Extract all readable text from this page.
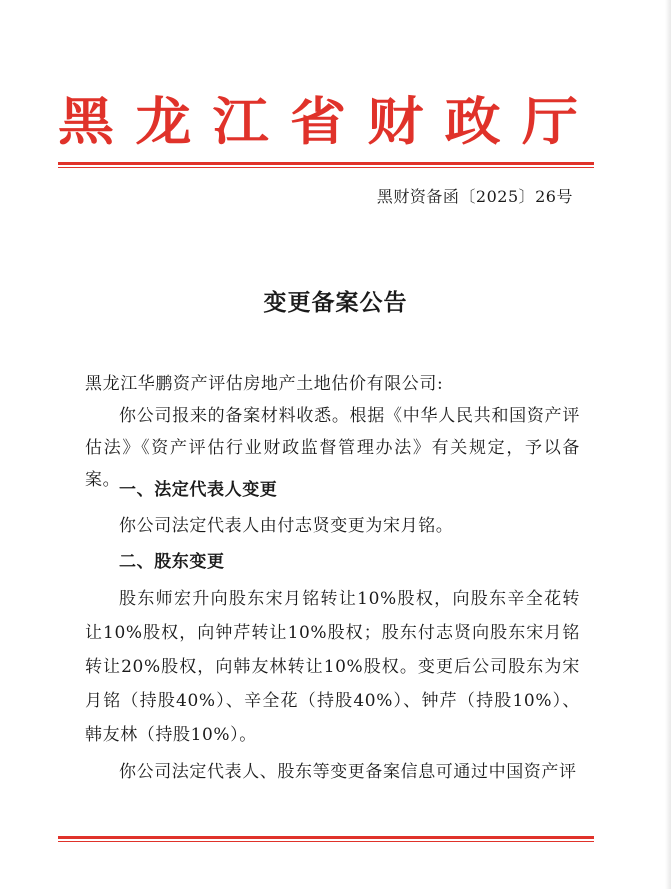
黑 龙 江 省 财 政 厅
黑财资备函〔2025〕26号
变更备案公告
黑龙江华鹏资产评估房地产土地估价有限公司:
你公司报来的备案材料收悉。根据《中华人民共和国资产评估法》《资产评估行业财政监督管理办法》有关规定，予以备案。
一、法定代表人变更
你公司法定代表人由付志贤变更为宋月铭。
二、股东变更
股东师宏升向股东宋月铭转让10%股权，向股东辛全花转让10%股权，向钟芹转让10%股权；股东付志贤向股东宋月铭转让20%股权，向韩友林转让10%股权。变更后公司股东为宋月铭（持股40%）、辛全花（持股40%）、钟芹（持股10%）、韩友林（持股10%）。
你公司法定代表人、股东等变更备案信息可通过中国资产评
